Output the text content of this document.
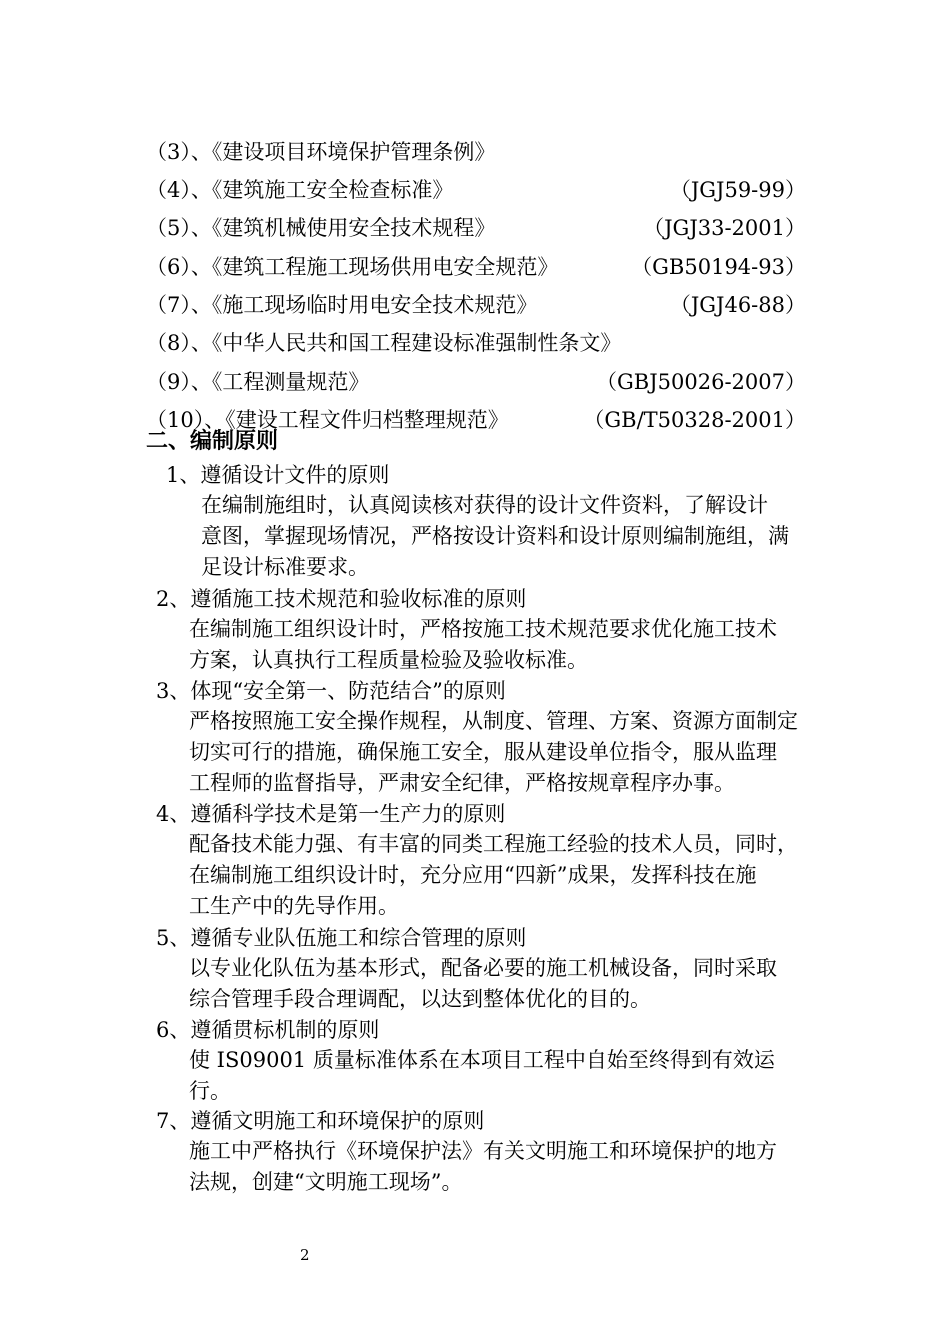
（3）、《建设项目环境保护管理条例》
（4）、《建筑施工安全检查标准》	（JGJ59-99）
（5）、《建筑机械使用安全技术规程》	（JGJ33-2001）
（6）、《建筑工程施工现场供用电安全规范》	（GB50194-93）
（7）、《施工现场临时用电安全技术规范》	（JGJ46-88）
（8）、《中华人民共和国工程建设标准强制性条文》
（9）、《工程测量规范》	（GBJ50026-2007）
（10）、《建设工程文件归档整理规范》	（GB/T50328-2001）
二、编制原则
1、遵循设计文件的原则
在编制施组时，认真阅读核对获得的设计文件资料，了解设计
意图，掌握现场情况，严格按设计资料和设计原则编制施组，满
足设计标准要求。
2、遵循施工技术规范和验收标准的原则
在编制施工组织设计时，严格按施工技术规范要求优化施工技术
方案，认真执行工程质量检验及验收标准。
3、体现“安全第一、防范结合”的原则
严格按照施工安全操作规程，从制度、管理、方案、资源方面制定
切实可行的措施，确保施工安全，服从建设单位指令，服从监理
工程师的监督指导，严肃安全纪律，严格按规章程序办事。
4、遵循科学技术是第一生产力的原则
配备技术能力强、有丰富的同类工程施工经验的技术人员，同时，
在编制施工组织设计时，充分应用“四新”成果，发挥科技在施
工生产中的先导作用。
5、遵循专业队伍施工和综合管理的原则
以专业化队伍为基本形式，配备必要的施工机械设备，同时采取
综合管理手段合理调配，以达到整体优化的目的。
6、遵循贯标机制的原则
使 IS09001 质量标准体系在本项目工程中自始至终得到有效运
行。
7、遵循文明施工和环境保护的原则
施工中严格执行《环境保护法》有关文明施工和环境保护的地方
法规，创建“文明施工现场”。
2
